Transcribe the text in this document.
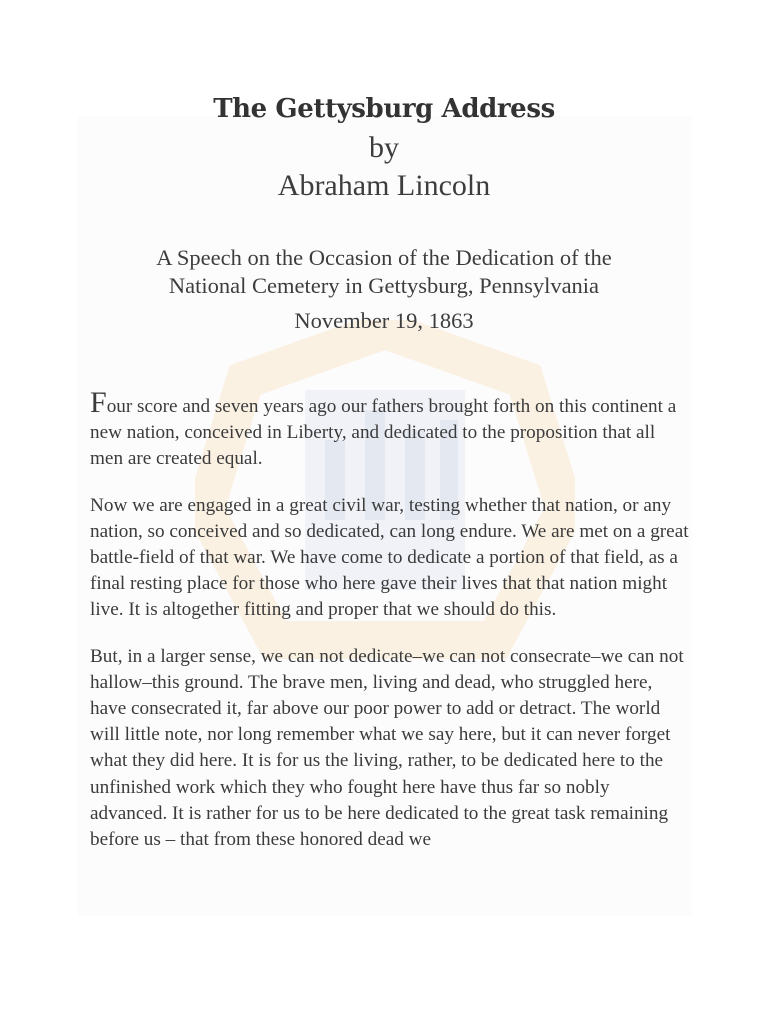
The Gettysburg Address
by
Abraham Lincoln
A Speech on the Occasion of the Dedication of the
National Cemetery in Gettysburg, Pennsylvania
November 19, 1863

Four score and seven years ago our fathers brought forth on this continent a new nation, conceived in Liberty, and dedicated to the proposition that all men are created equal.

Now we are engaged in a great civil war, testing whether that nation, or any nation, so conceived and so dedicated, can long endure. We are met on a great battle-field of that war. We have come to dedicate a portion of that field, as a final resting place for those who here gave their lives that that nation might live. It is altogether fitting and proper that we should do this.

But, in a larger sense, we can not dedicate–we can not consecrate–we can not hallow–this ground. The brave men, living and dead, who struggled here, have consecrated it, far above our poor power to add or detract. The world will little note, nor long remember what we say here, but it can never forget what they did here. It is for us the living, rather, to be dedicated here to the unfinished work which they who fought here have thus far so nobly advanced. It is rather for us to be here dedicated to the great task remaining before us – that from these honored dead we
